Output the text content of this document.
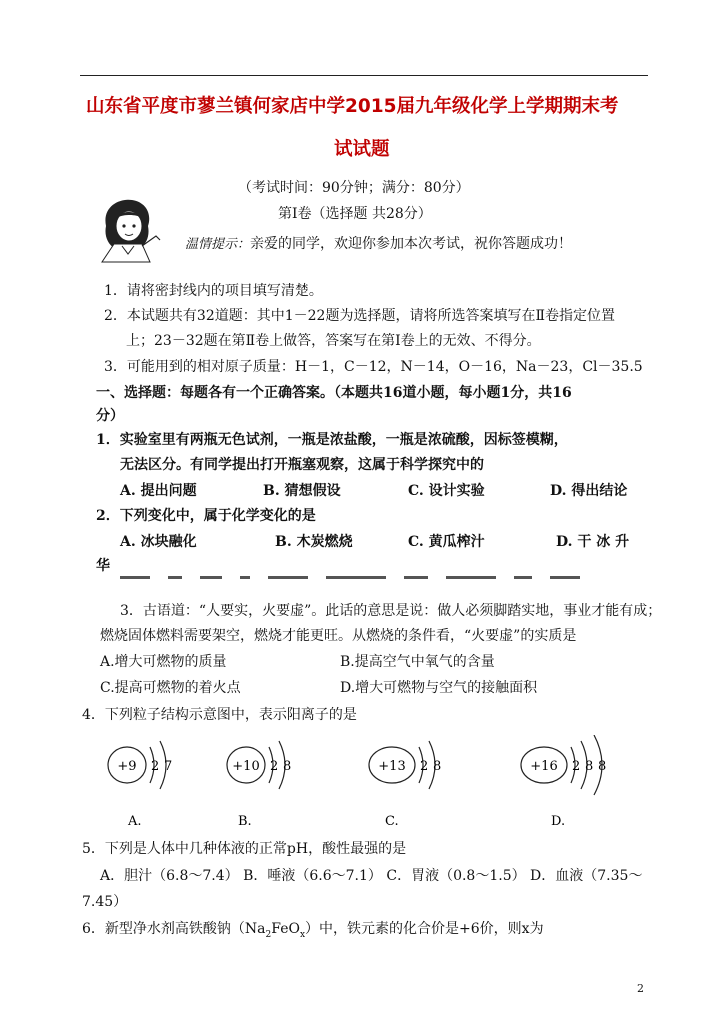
山东省平度市蓼兰镇何家店中学2015届九年级化学上学期期末考
试试题
（考试时间：90分钟；满分：80分）
第Ⅰ卷（选择题 共28分）
温情提示：亲爱的同学，欢迎你参加本次考试，祝你答题成功！
1．请将密封线内的项目填写清楚。
2．本试题共有32道题：其中1－22题为选择题，请将所选答案填写在Ⅱ卷指定位置
上；23－32题在第Ⅱ卷上做答，答案写在第Ⅰ卷上的无效、不得分。
3．可能用到的相对原子质量：H－1，C－12，N－14，O－16，Na－23，Cl－35.5
一、选择题：每题各有一个正确答案。（本题共16道小题，每小题1分，共16
分）
1．实验室里有两瓶无色试剂，一瓶是浓盐酸，一瓶是浓硫酸，因标签模糊，
无法区分。有同学提出打开瓶塞观察，这属于科学探究中的
A. 提出问题	B. 猜想假设	C. 设计实验	D. 得出结论
2．下列变化中，属于化学变化的是
A. 冰块融化	B. 木炭燃烧	C. 黄瓜榨汁	D. 干 冰 升
华
3．古语道：“人要实，火要虚”。此话的意思是说：做人必须脚踏实地，事业才能有成；
燃烧固体燃料需要架空，燃烧才能更旺。从燃烧的条件看，“火要虚”的实质是
A.增大可燃物的质量	B.提高空气中氧气的含量
C.提高可燃物的着火点	D.增大可燃物与空气的接触面积
4．下列粒子结构示意图中，表示阳离子的是
+9 2 7
A.
+10 2 8
B.
+13 2 8
C.
+16 2 8 8
D.
5．下列是人体中几种体液的正常pH，酸性最强的是
A．胆汁（6.8～7.4） B．唾液（6.6～7.1） C．胃液（0.8～1.5） D．血液（7.35～
7.45）
6．新型净水剂高铁酸钠$(Na_2FeO_x)$中，铁元素的化合价是+6价，则x为
2
